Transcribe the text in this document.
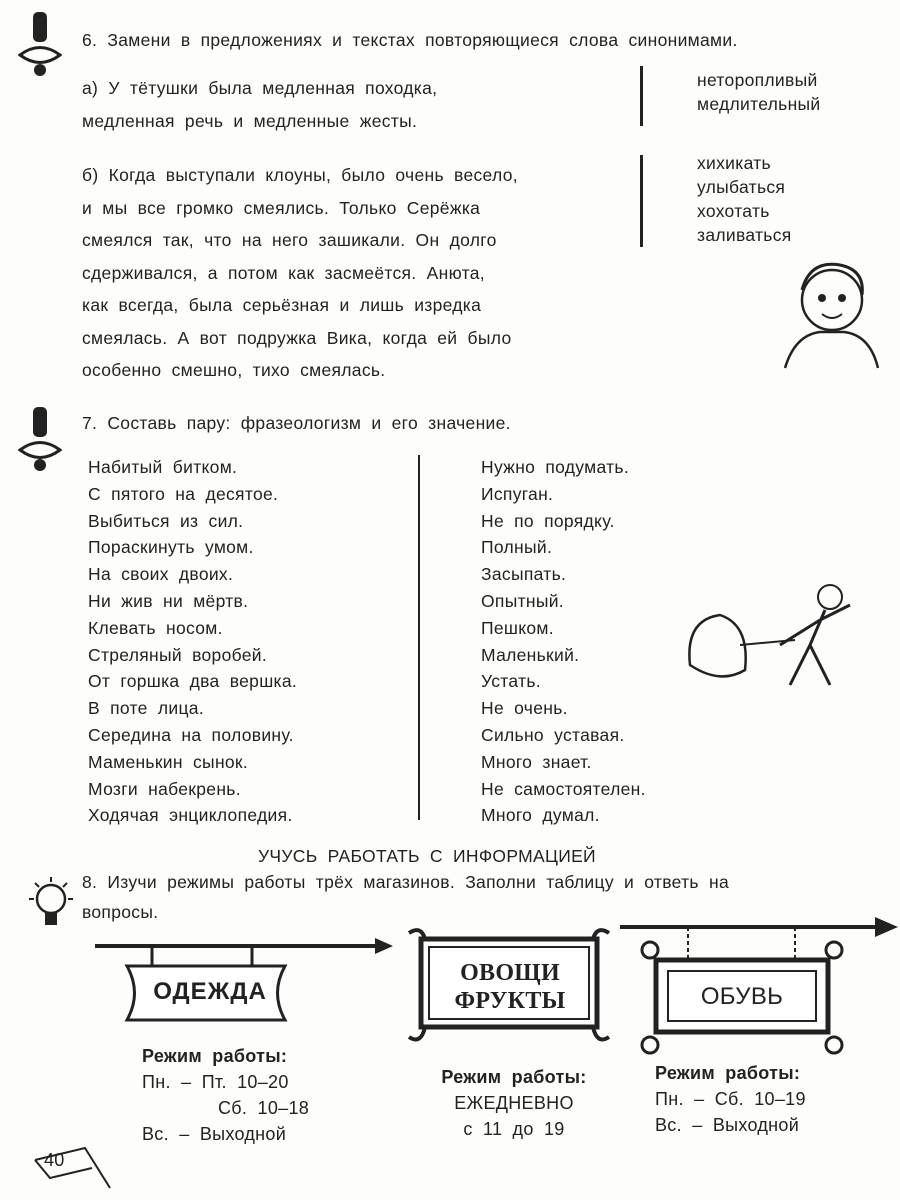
6. Замени в предложениях и текстах повторяющиеся слова синонимами.
а) У тётушки была медленная походка,
медленная речь и медленные жесты.
неторопливый
медлительный
б) Когда выступали клоуны, было очень весело,
и мы все громко смеялись. Только Серёжка
смеялся так, что на него зашикали. Он долго
сдерживался, а потом как засмеётся. Анюта,
как всегда, была серьёзная и лишь изредка
смеялась. А вот подружка Вика, когда ей было
особенно смешно, тихо смеялась.
хихикать
улыбаться
хохотать
заливаться
7. Составь пару: фразеологизм и его значение.
Набитый битком.
С пятого на десятое.
Выбиться из сил.
Пораскинуть умом.
На своих двоих.
Ни жив ни мёртв.
Клевать носом.
Стреляный воробей.
От горшка два вершка.
В поте лица.
Середина на половину.
Маменькин сынок.
Мозги набекрень.
Ходячая энциклопедия.
Нужно подумать.
Испуган.
Не по порядку.
Полный.
Засыпать.
Опытный.
Пешком.
Маленький.
Устать.
Не очень.
Сильно уставая.
Много знает.
Не самостоятелен.
Много думал.
УЧУСЬ РАБОТАТЬ С ИНФОРМАЦИЕЙ
8. Изучи режимы работы трёх магазинов. Заполни таблицу и ответь на
вопросы.
ОДЕЖДА
ОВОЩИ
ФРУКТЫ	ОБУВЬ
Режим работы:
Пн. – Пт. 10–20
Сб. 10–18
Вс. – Выходной
Режим работы:
ЕЖЕДНЕВНО
с 11 до 19
Режим работы:
Пн. – Сб. 10–19
Вс. – Выходной
40
